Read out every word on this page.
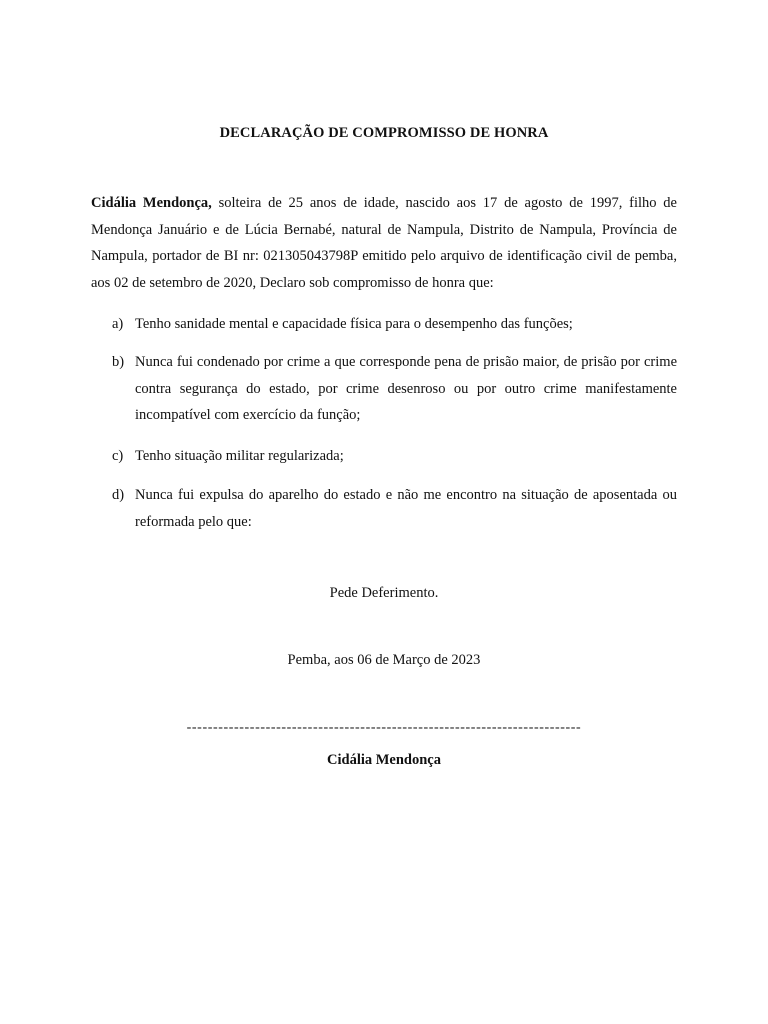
DECLARAÇÃO DE COMPROMISSO DE HONRA

Cidália Mendonça, solteira de 25 anos de idade, nascido aos 17 de agosto de 1997, filho de Mendonça Januário e de Lúcia Bernabé, natural de Nampula, Distrito de Nampula, Província de Nampula, portador de BI nr: 021305043798P emitido pelo arquivo de identificação civil de pemba, aos 02 de setembro de 2020, Declaro sob compromisso de honra que:

a) Tenho sanidade mental e capacidade física para o desempenho das funções;
b) Nunca fui condenado por crime a que corresponde pena de prisão maior, de prisão por crime contra segurança do estado, por crime desenroso ou por outro crime manifestamente incompatível com exercício da função;
c) Tenho situação militar regularizada;
d) Nunca fui expulsa do aparelho do estado e não me encontro na situação de aposentada ou reformada pelo que:
Pede Deferimento.
Pemba, aos 06 de Março de 2023
---------------------------------------------------------------------------
Cidália Mendonça
